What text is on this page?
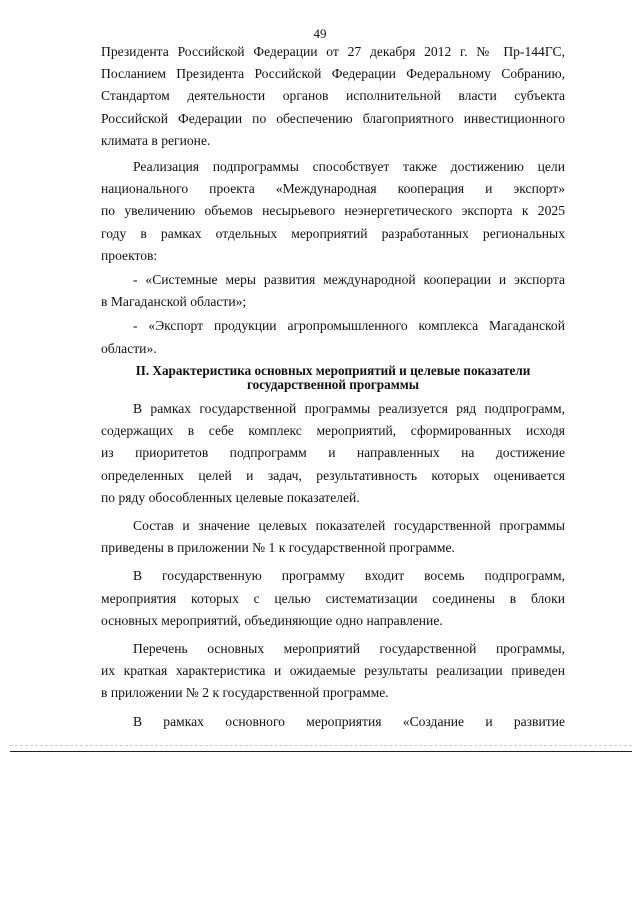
49

Президента Российской Федерации от 27 декабря 2012 г. № Пр-144ГС,

Посланием Президента Российской Федерации Федеральному Собранию,

Стандартом деятельности органов исполнительной власти субъекта

Российской Федерации по обеспечению благоприятного инвестиционного

климата в регионе.

Реализация подпрограммы способствует также достижению цели

национального проекта «Международная кооперация и экспорт»

по увеличению объемов несырьевого неэнергетического экспорта к 2025

году в рамках отдельных мероприятий разработанных региональных

проектов:

- «Системные меры развития международной кооперации и экспорта

в Магаданской области»;

- «Экспорт продукции агропромышленного комплекса Магаданской

области».

II. Характеристика основных мероприятий и целевые показатели
государственной программы

В рамках государственной программы реализуется ряд подпрограмм,

содержащих в себе комплекс мероприятий, сформированных исходя

из приоритетов подпрограмм и направленных на достижение

определенных целей и задач, результативность которых оценивается

по ряду обособленных целевые показателей.

Состав и значение целевых показателей государственной программы

приведены в приложении № 1 к государственной программе.

В государственную программу входит восемь подпрограмм,

мероприятия которых с целью систематизации соединены в блоки

основных мероприятий, объединяющие одно направление.

Перечень основных мероприятий государственной программы,

их краткая характеристика и ожидаемые результаты реализации приведен

в приложении № 2 к государственной программе.

В рамках основного мероприятия «Создание и развитие
